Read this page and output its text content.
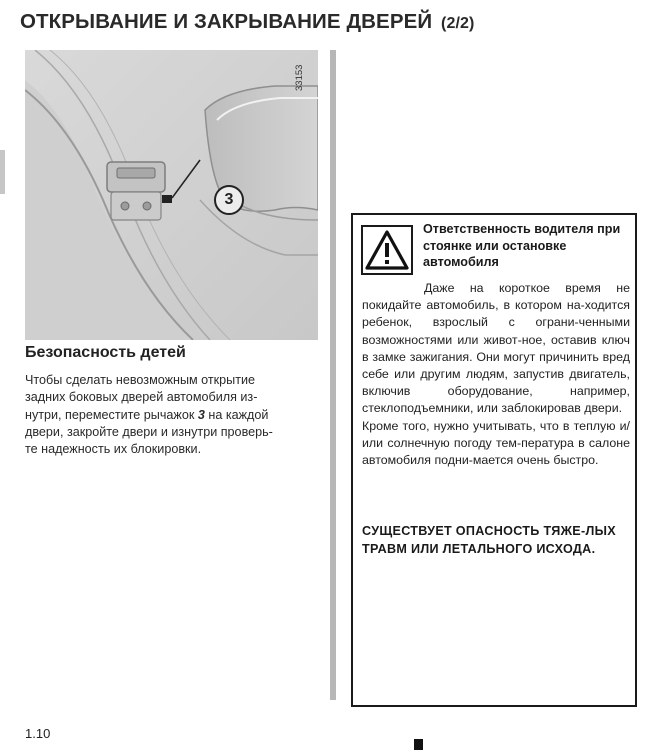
ОТКРЫВАНИЕ И ЗАКРЫВАНИЕ ДВЕРЕЙ (2/2)
3
33153
Безопасность детей

Чтобы сделать невозможным открытие

задних боковых дверей автомобиля из-

нутри, переместите рычажок 3 на каждой

двери, закройте двери и изнутри проверь-

те надежность их блокировки.

Ответственность водителя при стоянке или остановке автомобиля

Даже на короткое время не покидайте автомобиль, в котором на-ходится ребенок, взрослый с ограни-ченными возможностями или живот-ное, оставив ключ в замке зажигания. Они могут причинить вред себе или другим людям, запустив двигатель, включив оборудование, например, стеклоподъемники, или заблокировав двери.

Кроме того, нужно учитывать, что в теплую и/или солнечную погоду тем-пература в салоне автомобиля подни-мается очень быстро.

СУЩЕСТВУЕТ ОПАСНОСТЬ ТЯЖЕ-ЛЫХ ТРАВМ ИЛИ ЛЕТАЛЬНОГО ИСХОДА.
1.10
